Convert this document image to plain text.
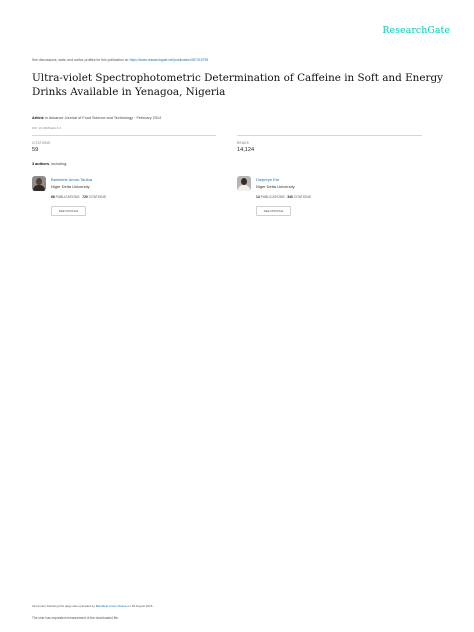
ResearchGate
See discussions, stats, and author profiles for this publication at: https://www.researchgate.net/publication/287319795
Ultra-violet Spectrophotometric Determination of Caffeine in Soft and Energy Drinks Available in Yenagoa, Nigeria
Article in Advance Journal of Food Science and Technology · February 2014
DOI: 10.19026/ajfst.6.3
CITATIONS
59
READS
14,124
3 authors, including:
Bamidele Amos-Tautua
Niger Delta University
68 PUBLICATIONS 720 CITATIONS
SEE PROFILE
Diepreye Ere
Niger Delta University
14 PUBLICATIONS 340 CITATIONS
SEE PROFILE
All content following this page was uploaded by Bamidele Amos-Tautua on 18 August 2016.
The user has requested enhancement of the downloaded file.
